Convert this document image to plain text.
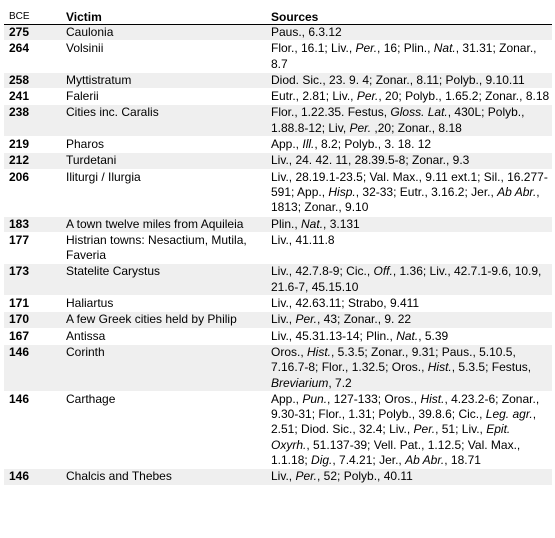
BCE	Victim	Sources
275	Caulonia	Paus., 6.3.12
264	Volsinii	Flor., 16.1; Liv., Per., 16; Plin., Nat., 31.31; Zonar., 8.7
258	Myttistratum	Diod. Sic., 23. 9. 4; Zonar., 8.11; Polyb., 9.10.11
241	Falerii	Eutr., 2.81; Liv., Per., 20; Polyb., 1.65.2; Zonar., 8.18
238	Cities inc. Caralis	Flor., 1.22.35. Festus, Gloss. Lat., 430L; Polyb., 1.88.8-12; Liv, Per. ,20; Zonar., 8.18
219	Pharos	App., Ill., 8.2; Polyb., 3. 18. 12
212	Turdetani	Liv., 24. 42. 11, 28.39.5-8; Zonar., 9.3
206	Iliturgi / Ilurgia	Liv., 28.19.1-23.5; Val. Max., 9.11 ext.1; Sil., 16.277-591; App., Hisp., 32-33; Eutr., 3.16.2; Jer., Ab Abr., 1813; Zonar., 9.10
183	A town twelve miles from Aquileia	Plin., Nat., 3.131
177	Histrian towns: Nesactium, Mutila, Faveria	Liv., 41.11.8
173	Statelite Carystus	Liv., 42.7.8-9; Cic., Off., 1.36; Liv., 42.7.1-9.6, 10.9, 21.6-7, 45.15.10
171	Haliartus	Liv., 42.63.11; Strabo, 9.411
170	A few Greek cities held by Philip	Liv., Per., 43; Zonar., 9. 22
167	Antissa	Liv., 45.31.13-14; Plin., Nat., 5.39
146	Corinth	Oros., Hist., 5.3.5; Zonar., 9.31; Paus., 5.10.5, 7.16.7-8; Flor., 1.32.5; Oros., Hist., 5.3.5; Festus, Breviarium, 7.2
146	Carthage	App., Pun., 127-133; Oros., Hist., 4.23.2-6; Zonar., 9.30-31; Flor., 1.31; Polyb., 39.8.6; Cic., Leg. agr., 2.51; Diod. Sic., 32.4; Liv., Per., 51; Liv., Epit. Oxyrh., 51.137-39; Vell. Pat., 1.12.5; Val. Max., 1.1.18; Dig., 7.4.21; Jer., Ab Abr., 18.71
146	Chalcis and Thebes	Liv., Per., 52; Polyb., 40.11
